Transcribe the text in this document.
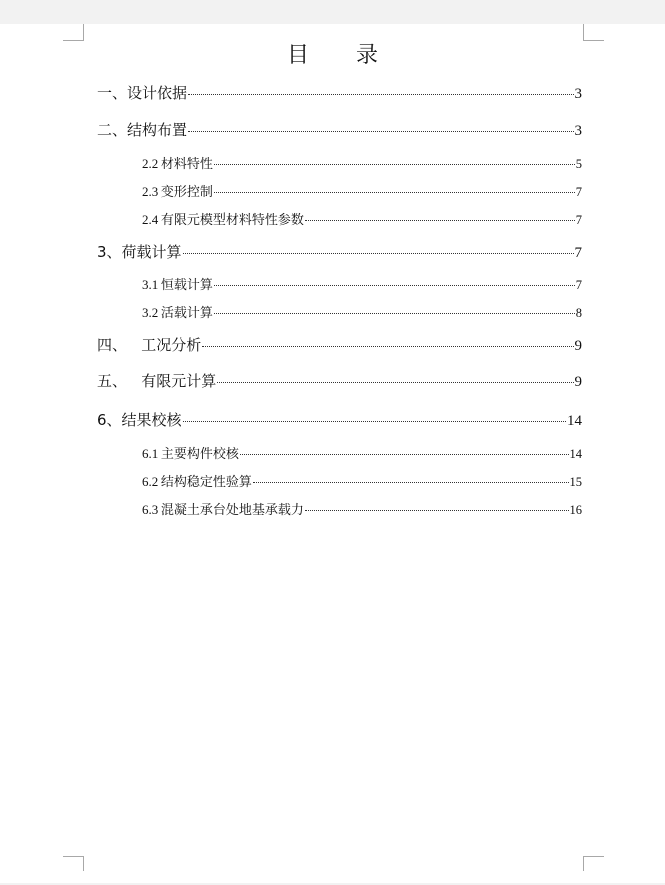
目 录
一、设计依据	3
二、结构布置	3
2.2  材料特性	5
2.3  变形控制	7
2.4  有限元模型材料特性参数	7
3、荷载计算	7
3.1  恒载计算	7
3.2  活载计算	8
四、   工况分析	9
五、   有限元计算	9
6、结果校核	14
6.1  主要构件校核	14
6.2  结构稳定性验算	15
6.3  混凝土承台处地基承载力	16
